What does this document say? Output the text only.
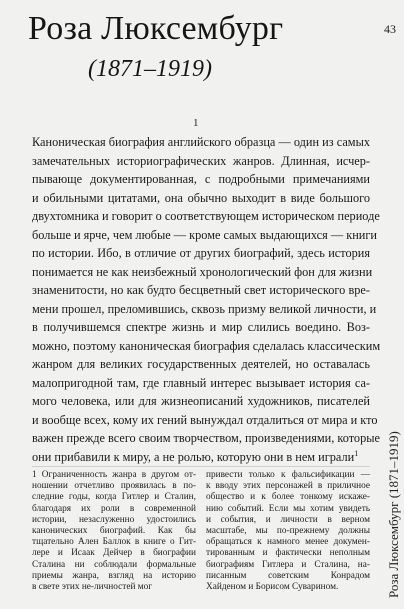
Роза Люксембург
(1871–1919)
43
1
Каноническая биография английского образца — один из самых
замечательных историографических жанров. Длинная, исчер-
пывающе документированная, с подробными примечаниями
и обильными цитатами, она обычно выходит в виде большого
двухтомника и говорит о соответствующем историческом периоде
больше и ярче, чем любые — кроме самых выдающихся — книги
по истории. Ибо, в отличие от других биографий, здесь история
понимается не как неизбежный хронологический фон для жизни
знаменитости, но как будто бесцветный свет исторического вре-
мени прошел, преломившись, сквозь призму великой личности, и
в получившемся спектре жизнь и мир слились воедино. Воз-
можно, поэтому каноническая биография сделалась классическим
жанром для великих государственных деятелей, но оставалась
малопригодной там, где главный интерес вызывает история са-
мого человека, или для жизнеописаний художников, писателей
и вообще всех, кому их гений вынуждал отдалиться от мира и кто
важен прежде всего своим творчеством, произведениями, которые
они прибавили к миру, а не ролью, которую они в нем играли$^1$
1 Ограниченность жанра в другом от-
ношении отчетливо проявилась в по-
следние годы, когда Гитлер и Сталин,
благодаря их роли в современной
истории, незаслуженно удостоились
канонических биографий. Как бы
тщательно Ален Баллок в книге о Гит-
лере и Исаак Дейчер в биографии
Сталина ни соблюдали формальные
приемы жанра, взгляд на историю
в свете этих не-личностей мог
привести только к фальсификации —
к вводу этих персонажей в приличное
общество и к более тонкому искаже-
нию событий. Если мы хотим увидеть
и события, и личности в верном
масштабе, мы по-прежнему должны
обращаться к намного менее докумен-
тированным и фактически неполным
биографиям Гитлера и Сталина, на-
писанным советским Конрадом
Хайденом и Борисом Суварином.	Роза Люксембург (1871–1919)
